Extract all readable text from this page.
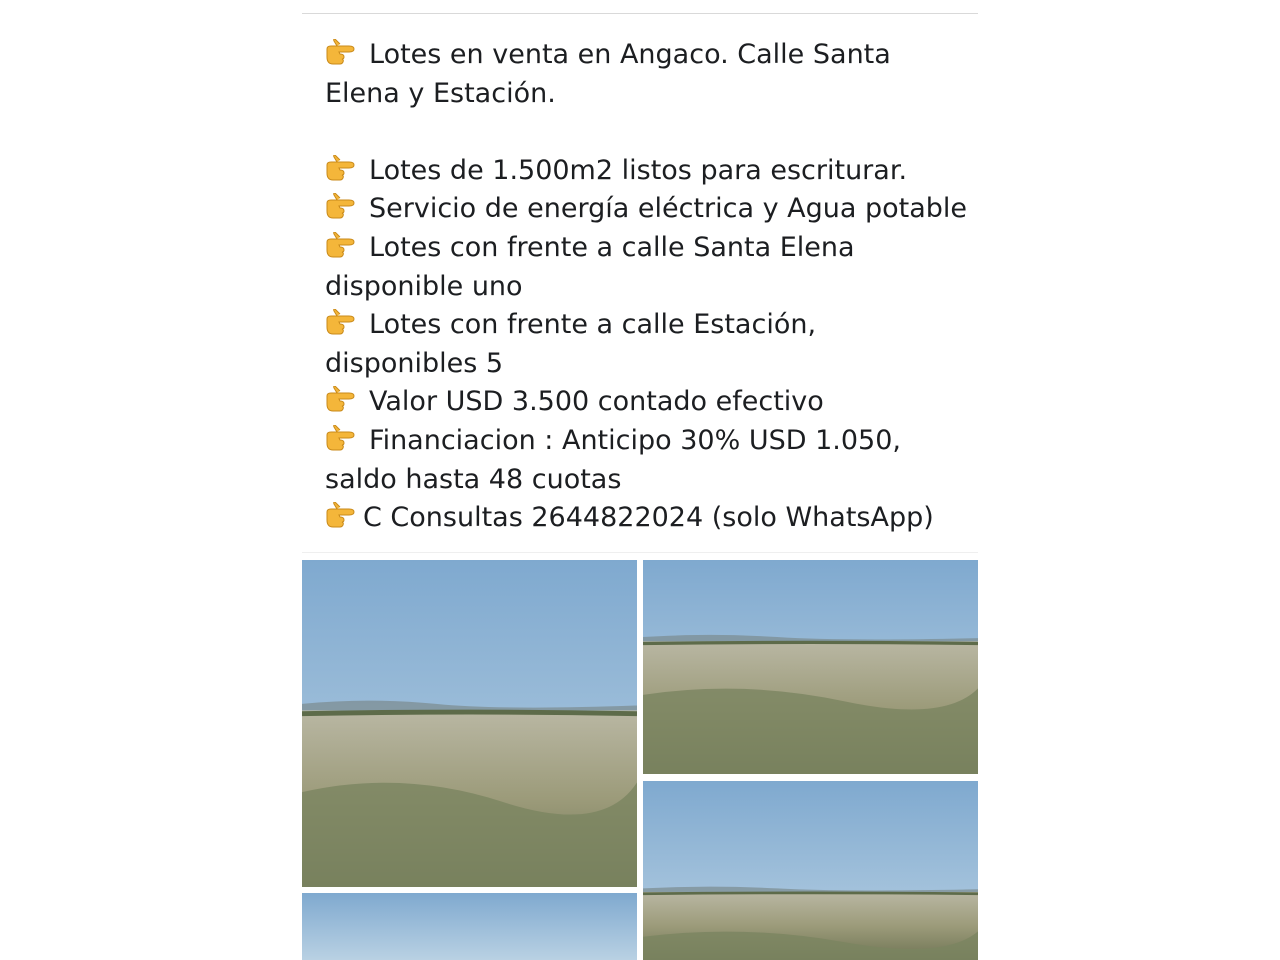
Lotes en venta en Angaco. Calle Santa
Elena y Estación.
Lotes de 1.500m2 listos para escriturar.
Servicio de energía eléctrica y Agua potable
Lotes con frente a calle Santa Elena
disponible uno
Lotes con frente a calle Estación,
disponibles 5
Valor USD 3.500 contado efectivo
Financiacion : Anticipo 30% USD 1.050,
saldo hasta 48 cuotas
C Consultas 2644822024 (solo WhatsApp)
